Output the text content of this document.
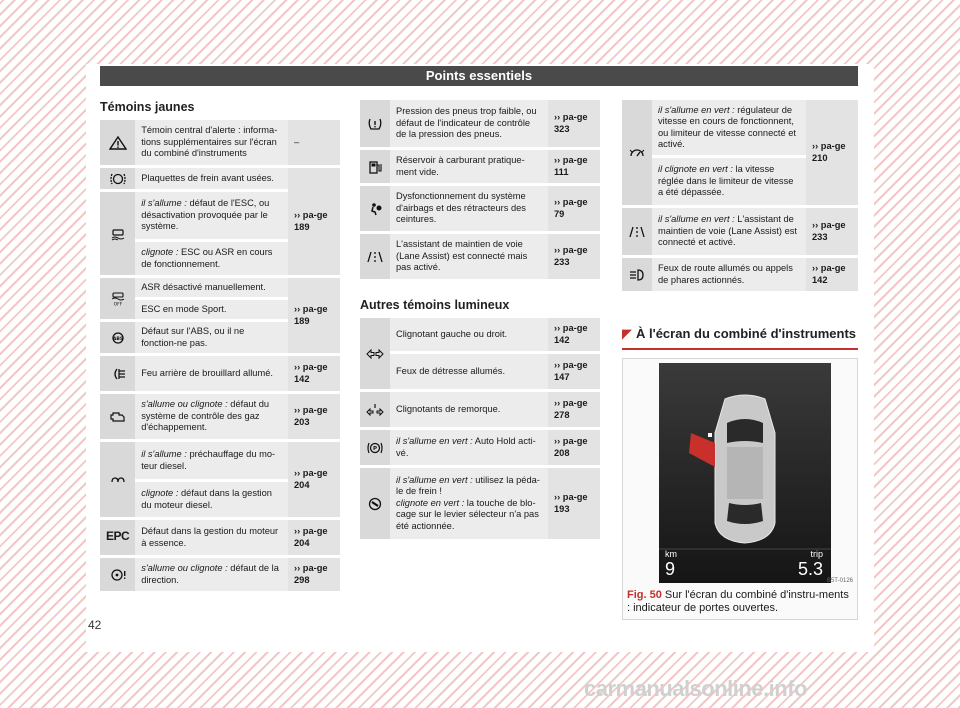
Points essentiels
Témoins jaunes
	Témoin central d'alerte : informa-tions supplémentaires sur l'écran du combiné d'instruments	–

	Plaquettes de frein avant usées.	›› pa-ge 189

	il s'allume : défaut de l'ESC, ou désactivation provoquée par le système.	
	clignote : ESC ou ASR en cours de fonctionnement.	

OFF	ASR désactivé manuellement.	›› pa-ge 189
	ESC en mode Sport.	

ABS	Défaut sur l'ABS, ou il ne fonction-ne pas.	

	Feu arrière de brouillard allumé.	›› pa-ge 142

	s'allume ou clignote : défaut du système de contrôle des gaz d'échappement.	›› pa-ge 203

	il s'allume : préchauffage du mo-teur diesel.	›› pa-ge 204
	clignote : défaut dans la gestion du moteur diesel.	
EPC	Défaut dans la gestion du moteur à essence.	›› pa-ge 204

	s'allume ou clignote : défaut de la direction.	›› pa-ge 298
	Pression des pneus trop faible, ou défaut de l'indicateur de contrôle de la pression des pneus.	›› pa-ge 323

	Réservoir à carburant pratique-ment vide.	›› pa-ge 111

	Dysfonctionnement du système d'airbags et des rétracteurs des ceintures.	›› pa-ge 79

	L'assistant de maintien de voie (Lane Assist) est connecté mais pas activé.	›› pa-ge 233
Autres témoins lumineux
	Clignotant gauche ou droit.	›› pa-ge 142
	Feux de détresse allumés.	›› pa-ge 147

	Clignotants de remorque.	›› pa-ge 278

P	il s'allume en vert : Auto Hold acti-vé.	›› pa-ge 208

	il s'allume en vert : utilisez la péda-le de frein !
clignote en vert : la touche de blo-cage sur le levier sélecteur n'a pas été actionnée.	›› pa-ge 193
	il s'allume en vert : régulateur de vitesse en cours de fonctionnent, ou limiteur de vitesse connecté et activé.	›› pa-ge 210
	il clignote en vert : la vitesse réglée dans le limiteur de vitesse a été dépassée.	

	il s'allume en vert : L'assistant de maintien de voie (Lane Assist) est connecté et activé.	›› pa-ge 233

	Feux de route allumés ou appels de phares actionnés.	›› pa-ge 142
◤ À l'écran du combiné d'instruments
km
9
trip
5.3
B5T-0126
Fig. 50 Sur l'écran du combiné d'instru-ments : indicateur de portes ouvertes.
42
carmanualsonline.info
